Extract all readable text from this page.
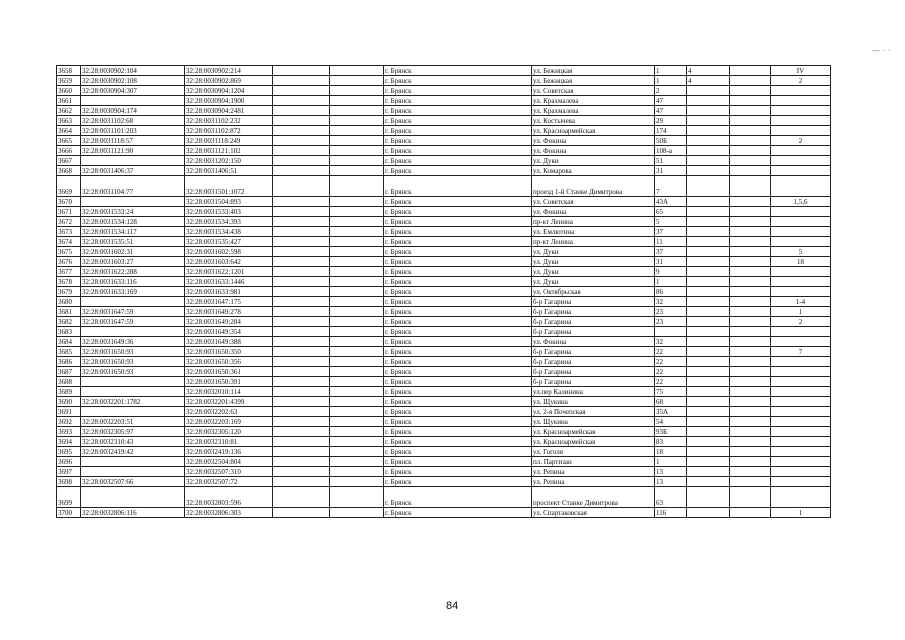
3658	32:28:0030902:104	32:28:0030902:214			г. Брянск	ул. Бежицкая	1	4		IV
3659	32:28:0030902:108	32:28:0030902:869			г. Брянск	ул. Бежицкая	1	4		2
3660	32:28:0030904:307	32:28:0030904:1204			г. Брянск	ул. Советская	2			
3661		32:28:0030904:1900			г. Брянск	ул. Крахмалева	47			
3662	32:28:0030904:174	32:28:0030904:2481			г. Брянск	ул. Крахмалева	47			
3663	32:28:0031102:68	32:28:0031102:232			г. Брянск	ул. Костычева	29			
3664	32:28:0031101:203	32:28:0031102:872			г. Брянск	ул. Красноармейская	174			
3665	32:28:0031118:57	32:28:0031118:249			г. Брянск	ул. Фокина	50Б			2
3666	32:28:0031121:90	32:28:0031121:102			г. Брянск	ул. Фокина	108-а			
3667		32:28:0031202:150			г. Брянск	ул. Дуки	51			
3668	32:28:0031406:37	32:28:0031406:51			г. Брянск	ул. Комарова	31			
3669	32:28:0031104:77	32:28:0031501:1072			г. Брянск	проезд 1-й Станке Димитрова	7			
3670		32:28:0031504:893			г. Брянск	ул. Советская	43А			1,5,6
3671	32:28:0031533:24	32:28:0031533:403			г. Брянск	ул. Фокина	65			
3672	32:28:0031534:128	32:28:0031534:393			г. Брянск	пр-кт Ленина	5			
3673	32:28:0031534:117	32:28:0031534:438			г. Брянск	ул. Емлютина	37			
3674	32:28:0031535:51	32:28:0031535:427			г. Брянск	пр-кт Ленина	11			
3675	32:28:0031602:31	32:28:0031602:598			г. Брянск	ул. Дуки	37			5
3676	32:28:0031603:27	32:28:0031603:642			г. Брянск	ул. Дуки	31			18
3677	32:28:0031622:288	32:28:0031622:1201			г. Брянск	ул. Дуки	9			
3678	32:28:0031633:116	32:28:0031633:1446			г. Брянск	ул. Дуки	1			
3679	32:28:0031633:169	32:28:0031633:981			г. Брянск	ул. Октябрьская	86			
3680		32:28:0031647:175			г. Брянск	б-р Гагарина	32			1-4
3681	32:28:0031647:59	32:28:0031649:278			г. Брянск	б-р Гагарина	23			1
3682	32:28:0031647:59	32:28:0031649:284			г. Брянск	б-р Гагарина	23			2
3683		32:28:0031649:354			г. Брянск	б-р Гагарина				
3684	32:28:0031649:36	32:28:0031649:388			г. Брянск	ул. Фокина	32			
3685	32:28:0031650:93	32:28:0031650:350			г. Брянск	б-р Гагарина	22			7
3686	32:28:0031650:93	32:28:0031650:356			г. Брянск	б-р Гагарина	22			
3687	32:28:0031650:93	32:28:0031650:361			г. Брянск	б-р Гагарина	22			
3688		32:28:0031650:391			г. Брянск	б-р Гагарина	22			
3689		32:28:0032010:114			г. Брянск	ул.пер Калинина	75			
3690	32:28:0032201:1782	32:28:0032201:4399			г. Брянск	ул. Щукина	68			
3691		32:28:0032202:63			г. Брянск	ул. 2-я Почепская	35А			
3692	32:28:0032203:51	32:28:0032203:169			г. Брянск	ул. Щукина	54			
3693	32:28:0032305:97	32:28:0032305:120			г. Брянск	ул. Красноармейская	93Б			
3694	32:28:0032310:43	32:28:0032310:81			г. Брянск	ул. Красноармейская	83			
3695	32:28:0032419:42	32:28:0032419:136			г. Брянск	ул. Гоголя	18			
3696		32:28:0032504:804			г. Брянск	пл. Партизан	1			
3697		32:28:0032507:310			г. Брянск	ул. Репина	13			
3698	32:28:0032507:66	32:28:0032507:72			г. Брянск	ул. Репина	13			
3699		32:28:0032803:596			г. Брянск	проспект Станке Димитрова	63			
3700	32:28:0032806:116	32:28:0032806:303			г. Брянск	ул. Спартаковская	116			1
84
— · ·
